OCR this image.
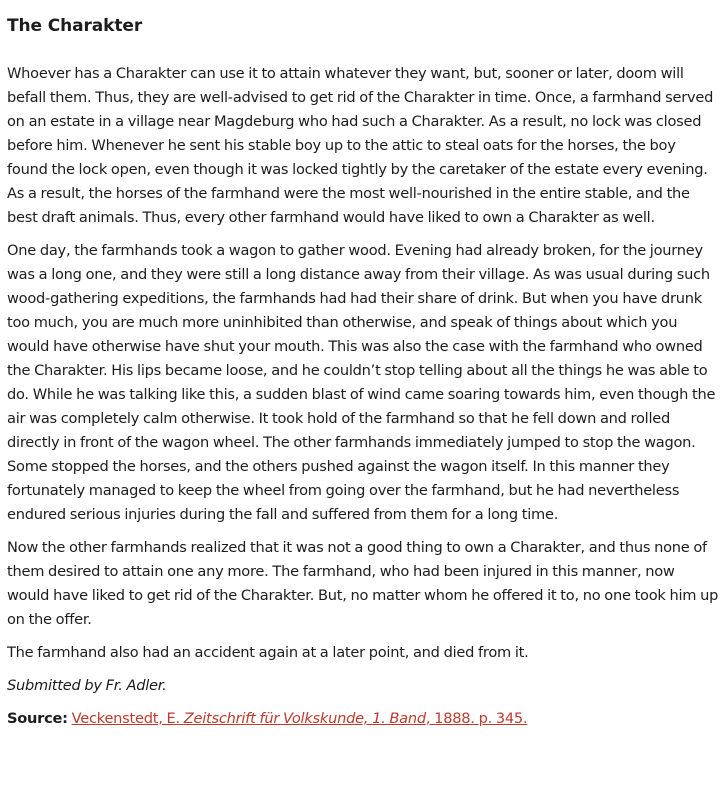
The Charakter

Whoever has a Charakter can use it to attain whatever they want, but, sooner or later, doom will befall them. Thus, they are well-advised to get rid of the Charakter in time. Once, a farmhand served on an estate in a village near Magdeburg who had such a Charakter. As a result, no lock was closed before him. Whenever he sent his stable boy up to the attic to steal oats for the horses, the boy found the lock open, even though it was locked tightly by the caretaker of the estate every evening. As a result, the horses of the farmhand were the most well-nourished in the entire stable, and the best draft animals. Thus, every other farmhand would have liked to own a Charakter as well.

One day, the farmhands took a wagon to gather wood. Evening had already broken, for the journey was a long one, and they were still a long distance away from their village. As was usual during such wood-gathering expeditions, the farmhands had had their share of drink. But when you have drunk too much, you are much more uninhibited than otherwise, and speak of things about which you would have otherwise have shut your mouth. This was also the case with the farmhand who owned the Charakter. His lips became loose, and he couldn’t stop telling about all the things he was able to do. While he was talking like this, a sudden blast of wind came soaring towards him, even though the air was completely calm otherwise. It took hold of the farmhand so that he fell down and rolled directly in front of the wagon wheel. The other farmhands immediately jumped to stop the wagon. Some stopped the horses, and the others pushed against the wagon itself. In this manner they fortunately managed to keep the wheel from going over the farmhand, but he had nevertheless endured serious injuries during the fall and suffered from them for a long time.

Now the other farmhands realized that it was not a good thing to own a Charakter, and thus none of them desired to attain one any more. The farmhand, who had been injured in this manner, now would have liked to get rid of the Charakter. But, no matter whom he offered it to, no one took him up on the offer.

The farmhand also had an accident again at a later point, and died from it.

Submitted by Fr. Adler.

Source: Veckenstedt, E. Zeitschrift für Volkskunde, 1. Band, 1888. p. 345.
